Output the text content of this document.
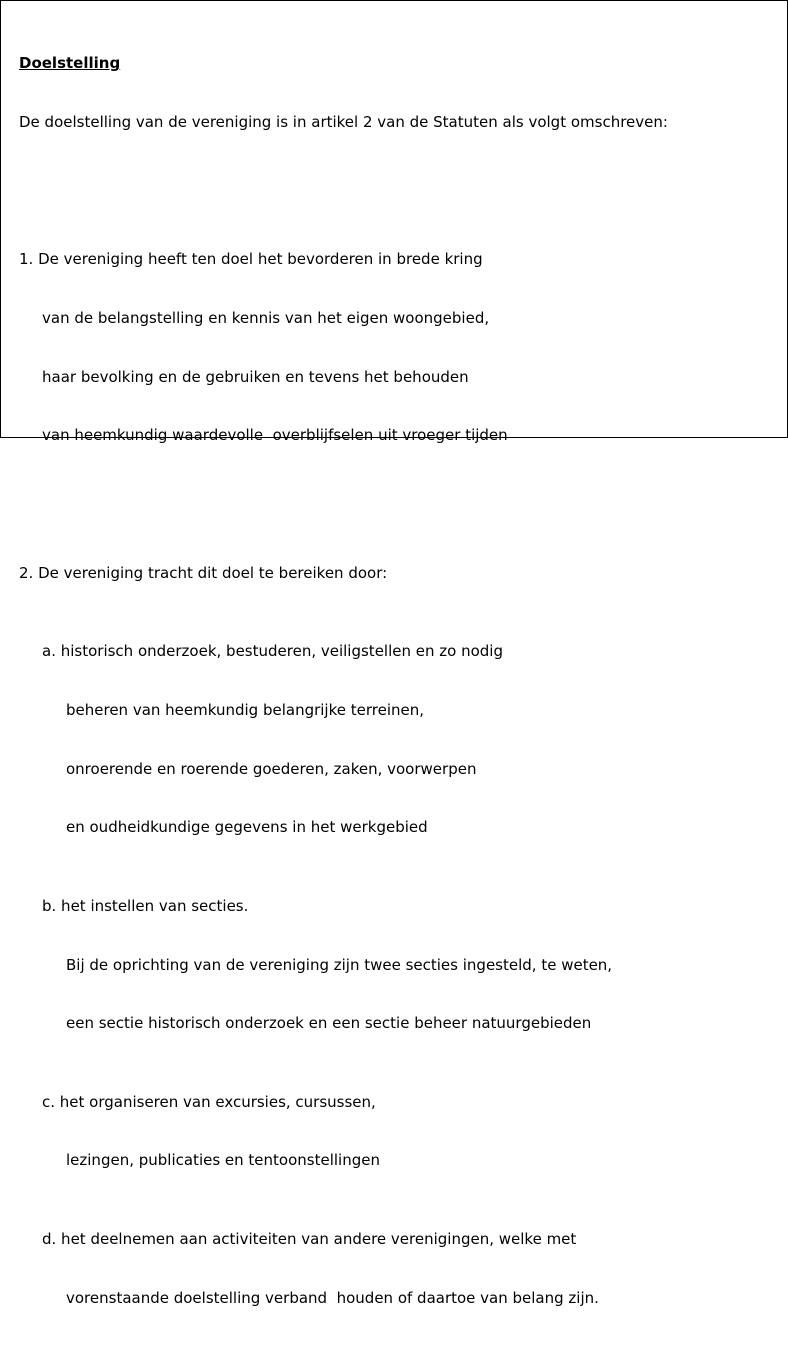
Doelstelling

De doelstelling van de vereniging is in artikel 2 van de Statuten als volgt omschreven:

1. De vereniging heeft ten doel het bevorderen in brede kring

van de belangstelling en kennis van het eigen woongebied,

haar bevolking en de gebruiken en tevens het behouden

van heemkundig waardevolle  overblijfselen uit vroeger tijden

2. De vereniging tracht dit doel te bereiken door:

a. historisch onderzoek, bestuderen, veiligstellen en zo nodig

beheren van heemkundig belangrijke terreinen,

onroerende en roerende goederen, zaken, voorwerpen

en oudheidkundige gegevens in het werkgebied

b. het instellen van secties.

Bij de oprichting van de vereniging zijn twee secties ingesteld, te weten,

een sectie historisch onderzoek en een sectie beheer natuurgebieden

c. het organiseren van excursies, cursussen,

lezingen, publicaties en tentoonstellingen

d. het deelnemen aan activiteiten van andere verenigingen, welke met

vorenstaande doelstelling verband  houden of daartoe van belang zijn.
